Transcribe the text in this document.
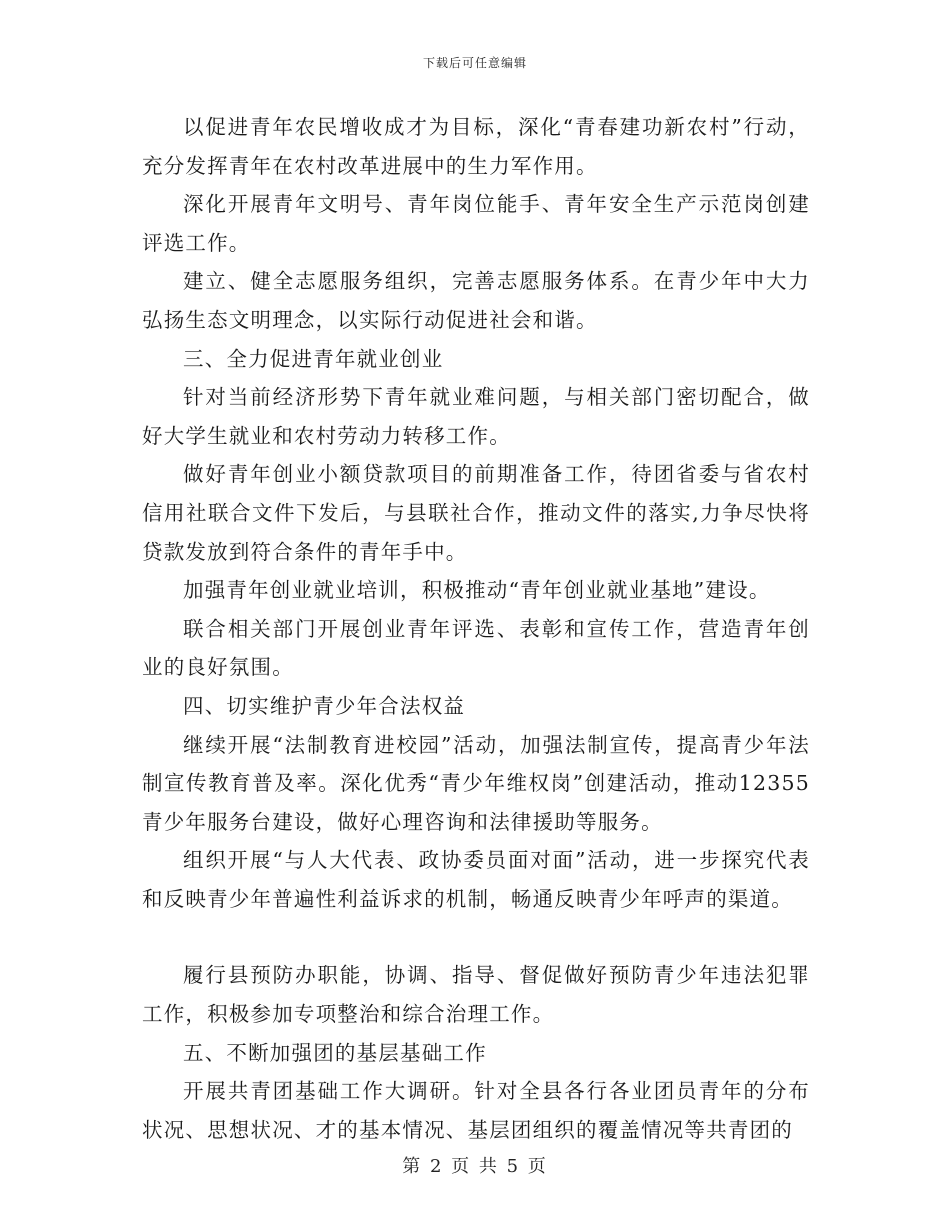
下载后可任意编辑

以促进青年农民增收成才为目标，深化“青春建功新农村”行动，充分发挥青年在农村改革进展中的生力军作用。

深化开展青年文明号、青年岗位能手、青年安全生产示范岗创建评选工作。

建立、健全志愿服务组织，完善志愿服务体系。在青少年中大力弘扬生态文明理念，以实际行动促进社会和谐。

三、全力促进青年就业创业

针对当前经济形势下青年就业难问题，与相关部门密切配合，做好大学生就业和农村劳动力转移工作。

做好青年创业小额贷款项目的前期准备工作，待团省委与省农村信用社联合文件下发后，与县联社合作，推动文件的落实,力争尽快将贷款发放到符合条件的青年手中。

加强青年创业就业培训，积极推动“青年创业就业基地”建设。

联合相关部门开展创业青年评选、表彰和宣传工作，营造青年创业的良好氛围。

四、切实维护青少年合法权益

继续开展“法制教育进校园”活动，加强法制宣传，提高青少年法制宣传教育普及率。深化优秀“青少年维权岗”创建活动，推动12355青少年服务台建设，做好心理咨询和法律援助等服务。

组织开展“与人大代表、政协委员面对面”活动，进一步探究代表和反映青少年普遍性利益诉求的机制，畅通反映青少年呼声的渠道。

履行县预防办职能，协调、指导、督促做好预防青少年违法犯罪工作，积极参加专项整治和综合治理工作。

五、不断加强团的基层基础工作

开展共青团基础工作大调研。针对全县各行各业团员青年的分布状况、思想状况、才的基本情况、基层团组织的覆盖情况等共青团的

第 2 页 共 5 页
